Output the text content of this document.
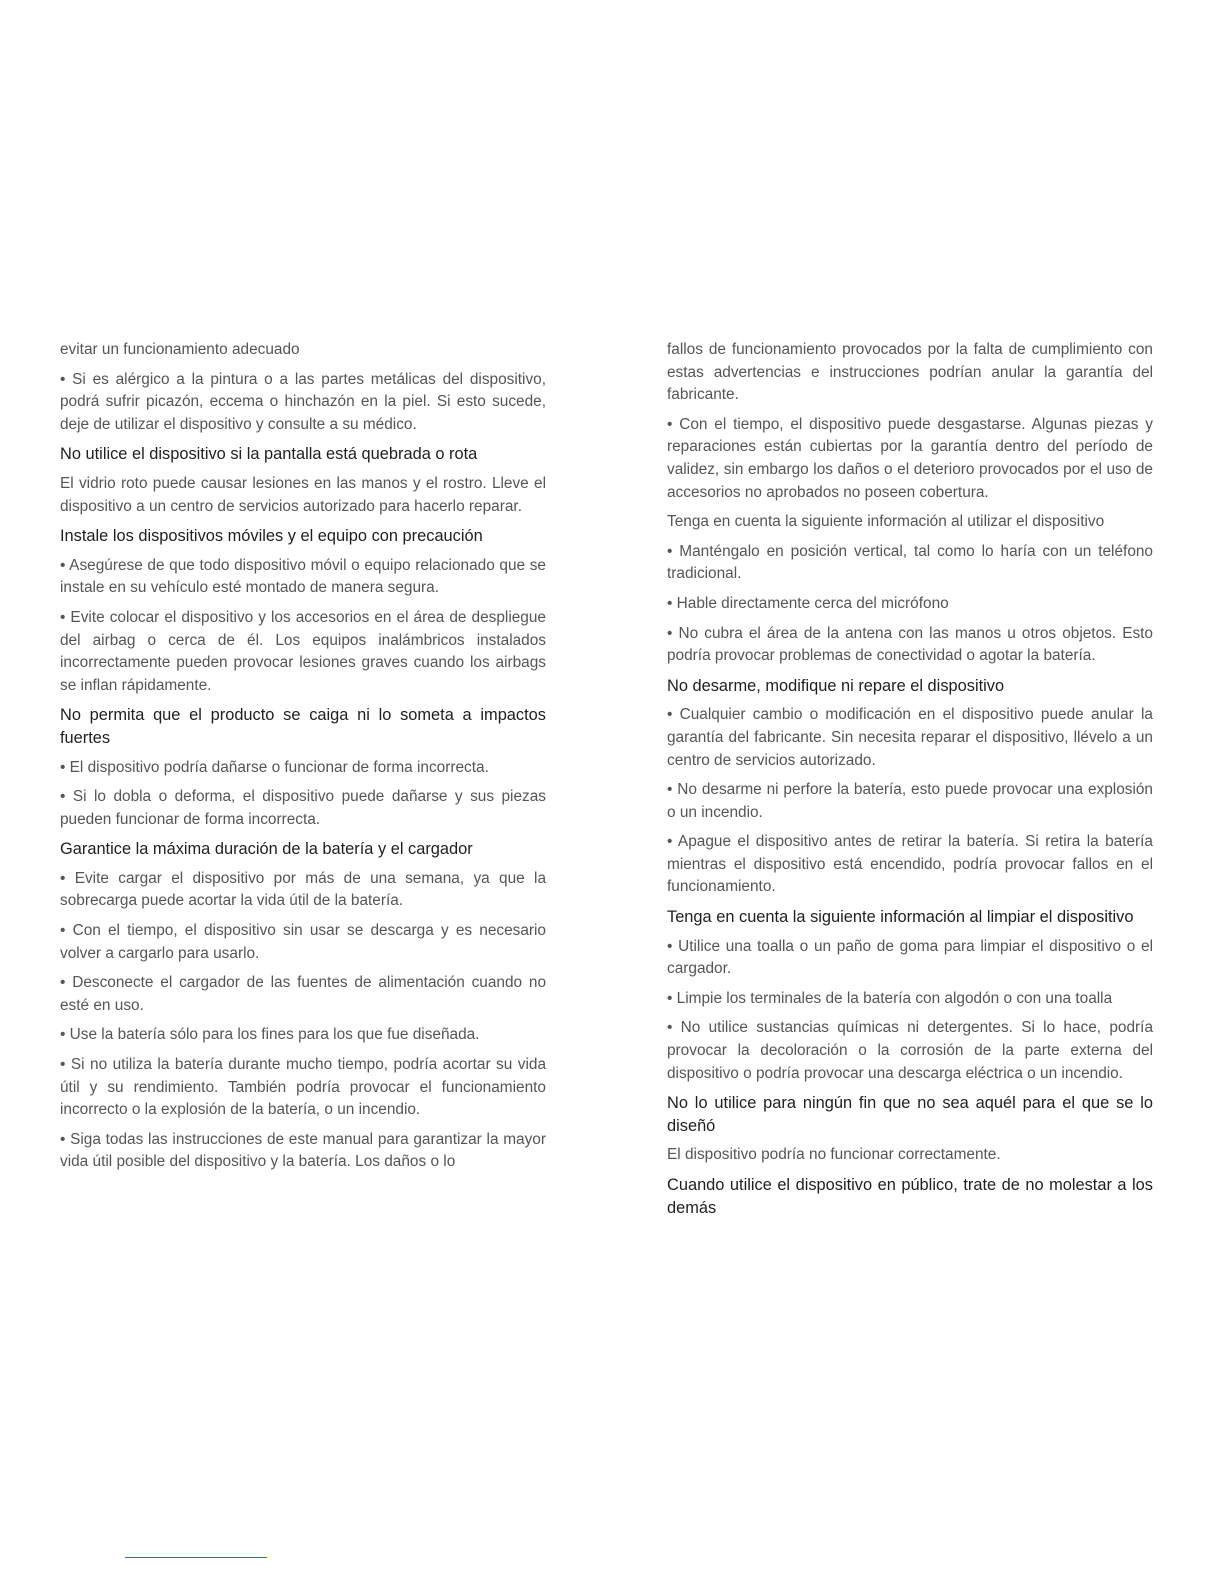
evitar un funcionamiento adecuado

• Si es alérgico a la pintura o a las partes metálicas del dispositivo, podrá sufrir picazón, eccema o hinchazón en la piel. Si esto sucede, deje de utilizar el dispositivo y consulte a su médico.

No utilice el dispositivo si la pantalla está quebrada o rota

El vidrio roto puede causar lesiones en las manos y el rostro. Lleve el dispositivo a un centro de servicios autorizado para hacerlo reparar.

Instale los dispositivos móviles y el equipo con precaución

• Asegúrese de que todo dispositivo móvil o equipo relacionado que se instale en su vehículo esté montado de manera segura.

• Evite colocar el dispositivo y los accesorios en el área de despliegue del airbag o cerca de él. Los equipos inalámbricos instalados incorrectamente pueden provocar lesiones graves cuando los airbags se inflan rápidamente.

No permita que el producto se caiga ni lo someta a impactos fuertes

• El dispositivo podría dañarse o funcionar de forma incorrecta.

• Si lo dobla o deforma, el dispositivo puede dañarse y sus piezas pueden funcionar de forma incorrecta.

Garantice la máxima duración de la batería y el cargador

• Evite cargar el dispositivo por más de una semana, ya que la sobrecarga puede acortar la vida útil de la batería.

• Con el tiempo, el dispositivo sin usar se descarga y es necesario volver a cargarlo para usarlo.

• Desconecte el cargador de las fuentes de alimentación cuando no esté en uso.

• Use la batería sólo para los fines para los que fue diseñada.

• Si no utiliza la batería durante mucho tiempo, podría acortar su vida útil y su rendimiento. También podría provocar el funcionamiento incorrecto o la explosión de la batería, o un incendio.

• Siga todas las instrucciones de este manual para garantizar la mayor vida útil posible del dispositivo y la batería. Los daños o lo

fallos de funcionamiento provocados por la falta de cumplimiento con estas advertencias e instrucciones podrían anular la garantía del fabricante.

• Con el tiempo, el dispositivo puede desgastarse. Algunas piezas y reparaciones están cubiertas por la garantía dentro del período de validez, sin embargo los daños o el deterioro provocados por el uso de accesorios no aprobados no poseen cobertura.

Tenga en cuenta la siguiente información al utilizar el dispositivo

• Manténgalo en posición vertical, tal como lo haría con un teléfono tradicional.

• Hable directamente cerca del micrófono

• No cubra el área de la antena con las manos u otros objetos. Esto podría provocar problemas de conectividad o agotar la batería.

No desarme, modifique ni repare el dispositivo

• Cualquier cambio o modificación en el dispositivo puede anular la garantía del fabricante. Sin necesita reparar el dispositivo, llévelo a un centro de servicios autorizado.

• No desarme ni perfore la batería, esto puede provocar una explosión o un incendio.

• Apague el dispositivo antes de retirar la batería. Si retira la batería mientras el dispositivo está encendido, podría provocar fallos en el funcionamiento.

Tenga en cuenta la siguiente información al limpiar el dispositivo

• Utilice una toalla o un paño de goma para limpiar el dispositivo o el cargador.

• Limpie los terminales de la batería con algodón o con una toalla

• No utilice sustancias químicas ni detergentes. Si lo hace, podría provocar la decoloración o la corrosión de la parte externa del dispositivo o podría provocar una descarga eléctrica o un incendio.

No lo utilice para ningún fin que no sea aquél para el que se lo diseñó

El dispositivo podría no funcionar correctamente.

Cuando utilice el dispositivo en público, trate de no molestar a los demás
